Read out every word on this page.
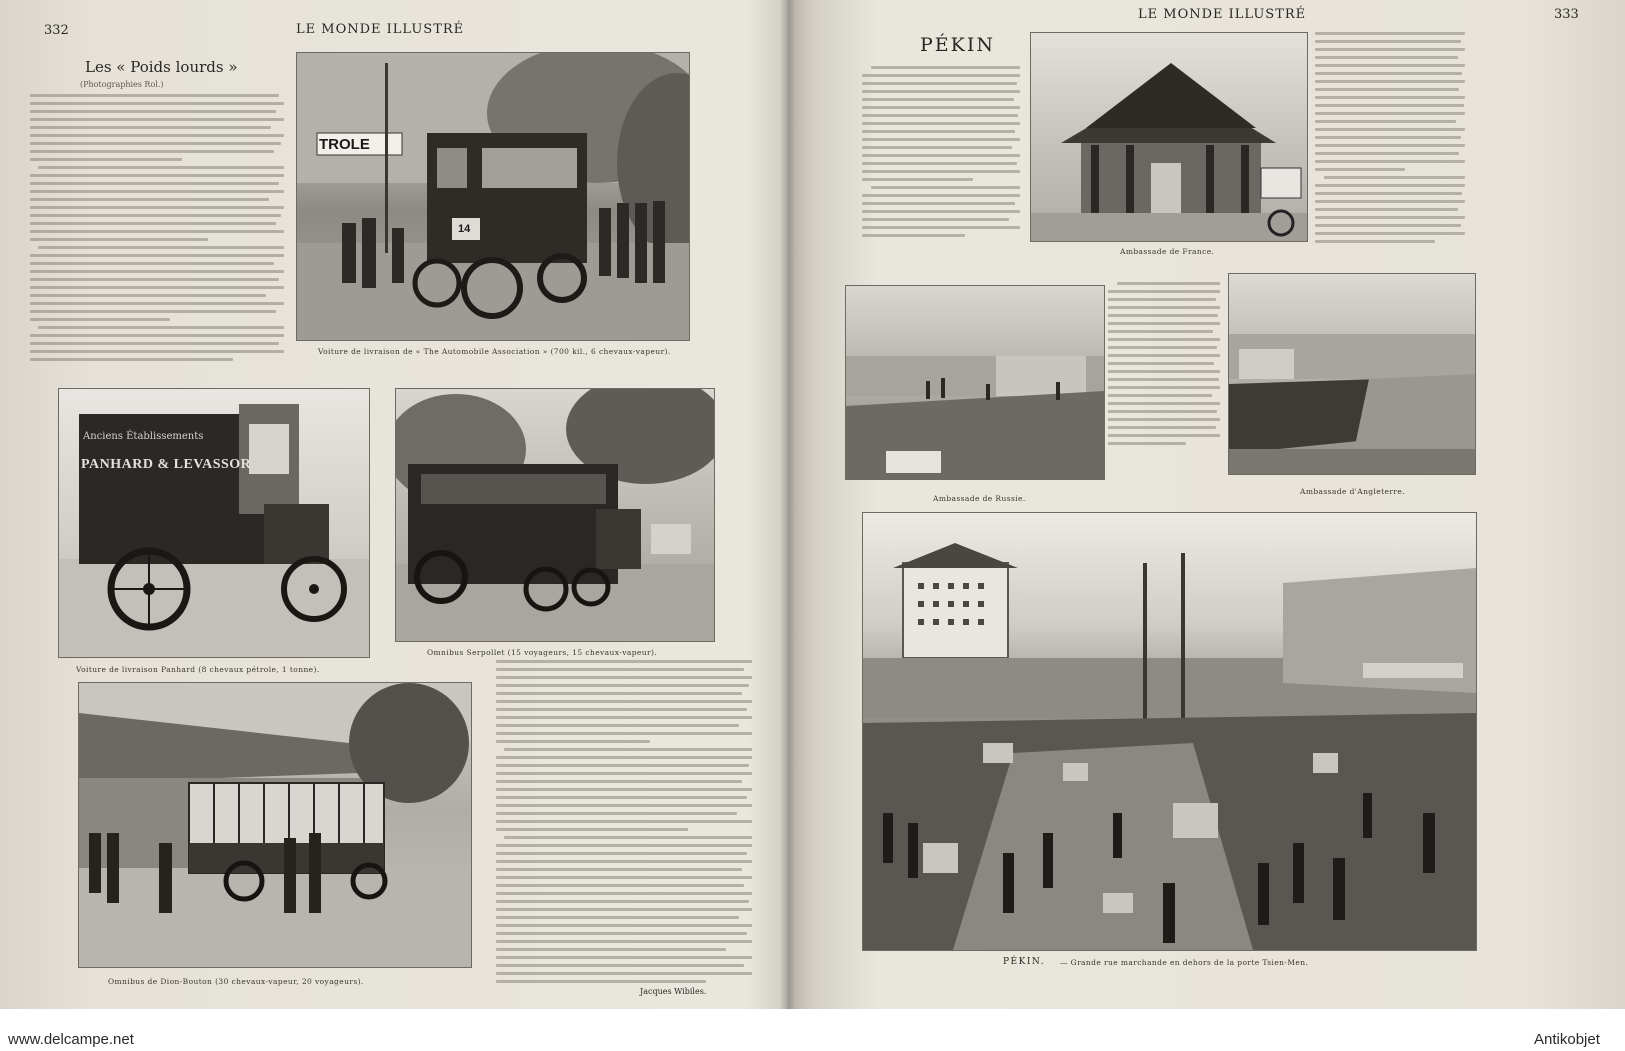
332	LE MONDE ILLUSTRÉ
Les « Poids lourds »
(Photographies Rol.)
TROLE
14
Voiture de livraison de « The Automobile Association » (700 kil., 6 chevaux-vapeur).
Anciens Établissements
PANHARD & LEVASSOR
Voiture de livraison Panhard (8 chevaux pétrole, 1 tonne).
Omnibus Serpollet (15 voyageurs, 15 chevaux-vapeur).
Omnibus de Dion-Bouton (30 chevaux-vapeur, 20 voyageurs).
Jacques Wibiles.
LE MONDE ILLUSTRÉ	333
PÉKIN
Ambassade de France.
Ambassade de Russie.
Ambassade d'Angleterre.
PÉKIN. — Grande rue marchande en dehors de la porte Tsien-Men.
www.delcampe.net	Antikobjet
